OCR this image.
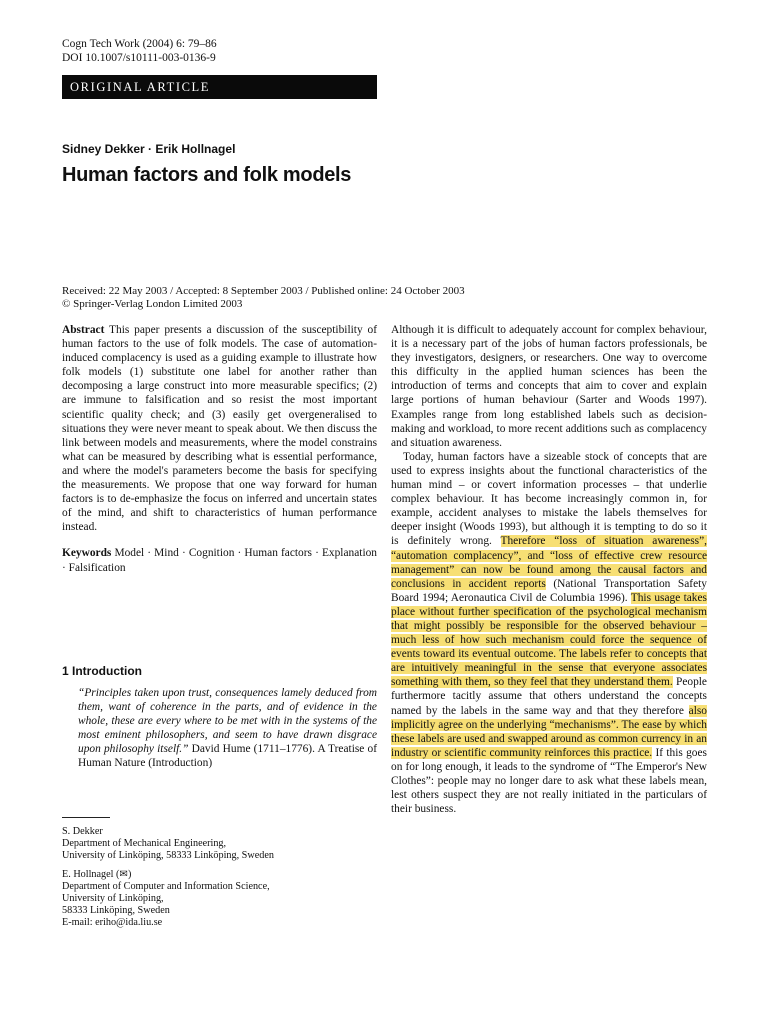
Cogn Tech Work (2004) 6: 79–86
DOI 10.1007/s10111-003-0136-9
ORIGINAL ARTICLE
Sidney Dekker · Erik Hollnagel
Human factors and folk models
Received: 22 May 2003 / Accepted: 8 September 2003 / Published online: 24 October 2003
© Springer-Verlag London Limited 2003

Abstract This paper presents a discussion of the susceptibility of human factors to the use of folk models. The case of automation-induced complacency is used as a guiding example to illustrate how folk models (1) substitute one label for another rather than decomposing a large construct into more measurable specifics; (2) are immune to falsification and so resist the most important scientific quality check; and (3) easily get overgeneralised to situations they were never meant to speak about. We then discuss the link between models and measurements, where the model constrains what can be measured by describing what is essential performance, and where the model's parameters become the basis for specifying the measurements. We propose that one way forward for human factors is to de-emphasize the focus on inferred and uncertain states of the mind, and shift to characteristics of human performance instead.

Keywords Model · Mind · Cognition · Human factors · Explanation · Falsification

1 Introduction
“Principles taken upon trust, consequences lamely deduced from them, want of coherence in the parts, and of evidence in the whole, these are every where to be met with in the systems of the most eminent philosophers, and seem to have drawn disgrace upon philosophy itself.” David Hume (1711–1776). A Treatise of Human Nature (Introduction)

S. Dekker
Department of Mechanical Engineering,
University of Linköping, 58333 Linköping, Sweden

E. Hollnagel (✉)
Department of Computer and Information Science,
University of Linköping,
58333 Linköping, Sweden
E-mail: eriho@ida.liu.se

Although it is difficult to adequately account for complex behaviour, it is a necessary part of the jobs of human factors professionals, be they investigators, designers, or researchers. One way to overcome this difficulty in the applied human sciences has been the introduction of terms and concepts that aim to cover and explain large portions of human behaviour (Sarter and Woods 1997). Examples range from long established labels such as decision-making and workload, to more recent additions such as complacency and situation awareness.

Today, human factors have a sizeable stock of concepts that are used to express insights about the functional characteristics of the human mind – or covert information processes – that underlie complex behaviour. It has become increasingly common in, for example, accident analyses to mistake the labels themselves for deeper insight (Woods 1993), but although it is tempting to do so it is definitely wrong. Therefore “loss of situation awareness”, “automation complacency”, and “loss of effective crew resource management” can now be found among the causal factors and conclusions in accident reports (National Transportation Safety Board 1994; Aeronautica Civil de Columbia 1996). This usage takes place without further specification of the psychological mechanism that might possibly be responsible for the observed behaviour – much less of how such mechanism could force the sequence of events toward its eventual outcome. The labels refer to concepts that are intuitively meaningful in the sense that everyone associates something with them, so they feel that they understand them. People furthermore tacitly assume that others understand the concepts named by the labels in the same way and that they therefore also implicitly agree on the underlying “mechanisms”. The ease by which these labels are used and swapped around as common currency in an industry or scientific community reinforces this practice. If this goes on for long enough, it leads to the syndrome of “The Emperor's New Clothes”: people may no longer dare to ask what these labels mean, lest others suspect they are not really initiated in the particulars of their business.
